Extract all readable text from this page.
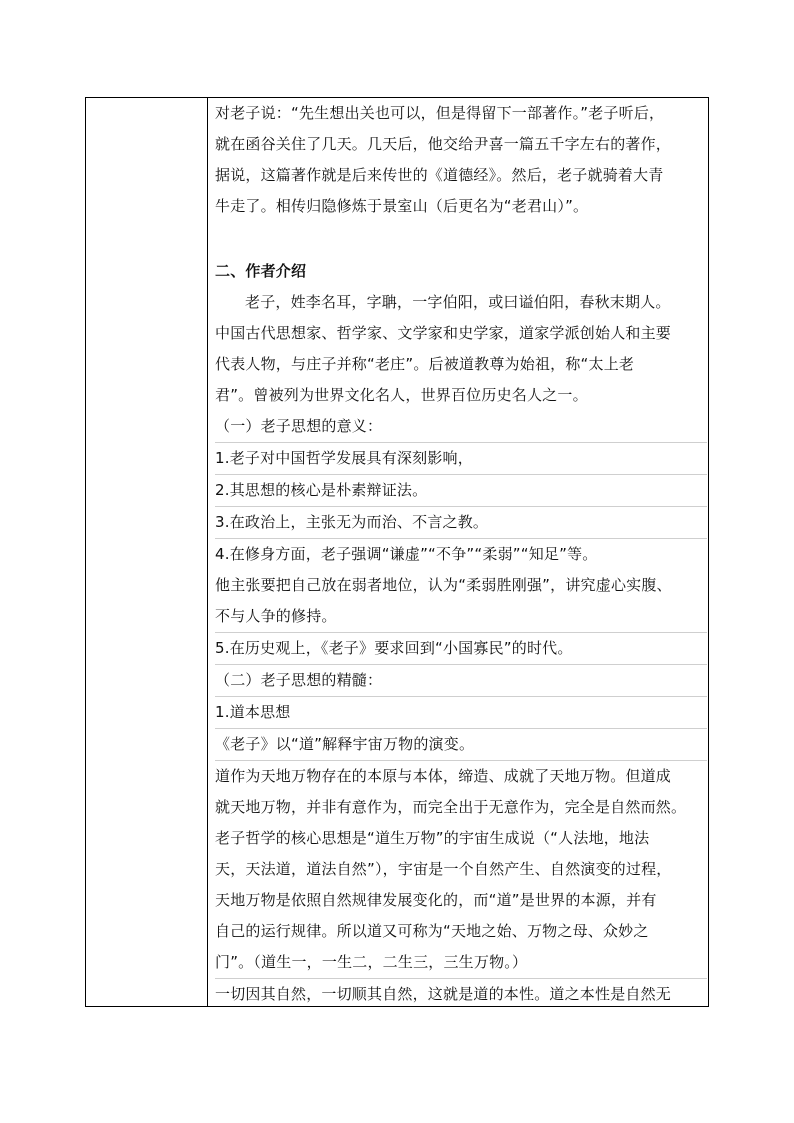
对老子说：“先生想出关也可以，但是得留下一部著作。”老子听后，
就在函谷关住了几天。几天后，他交给尹喜一篇五千字左右的著作，
据说，这篇著作就是后来传世的《道德经》。然后，老子就骑着大青
牛走了。相传归隐修炼于景室山（后更名为“老君山）”。
二、作者介绍
老子，姓李名耳，字聃，一字伯阳，或曰谥伯阳，春秋末期人。
中国古代思想家、哲学家、文学家和史学家，道家学派创始人和主要
代表人物，与庄子并称“老庄”。后被道教尊为始祖，称“太上老
君”。曾被列为世界文化名人，世界百位历史名人之一。
（一）老子思想的意义：
1.老子对中国哲学发展具有深刻影响，
2.其思想的核心是朴素辩证法。
3.在政治上，主张无为而治、不言之教。
4.在修身方面，老子强调“谦虚”“不争”“柔弱”“知足”等。
他主张要把自己放在弱者地位，认为“柔弱胜刚强”，讲究虚心实腹、
不与人争的修持。
5.在历史观上，《老子》要求回到“小国寡民”的时代。
（二）老子思想的精髓：
1.道本思想
《老子》以“道”解释宇宙万物的演变。
道作为天地万物存在的本原与本体，缔造、成就了天地万物。但道成
就天地万物，并非有意作为，而完全出于无意作为，完全是自然而然。
老子哲学的核心思想是“道生万物”的宇宙生成说（“人法地，地法
天，天法道，道法自然”），宇宙是一个自然产生、自然演变的过程，
天地万物是依照自然规律发展变化的，而“道”是世界的本源，并有
自己的运行规律。所以道又可称为“天地之始、万物之母、众妙之
门”。（道生一，一生二，二生三，三生万物。）
一切因其自然，一切顺其自然，这就是道的本性。道之本性是自然无
